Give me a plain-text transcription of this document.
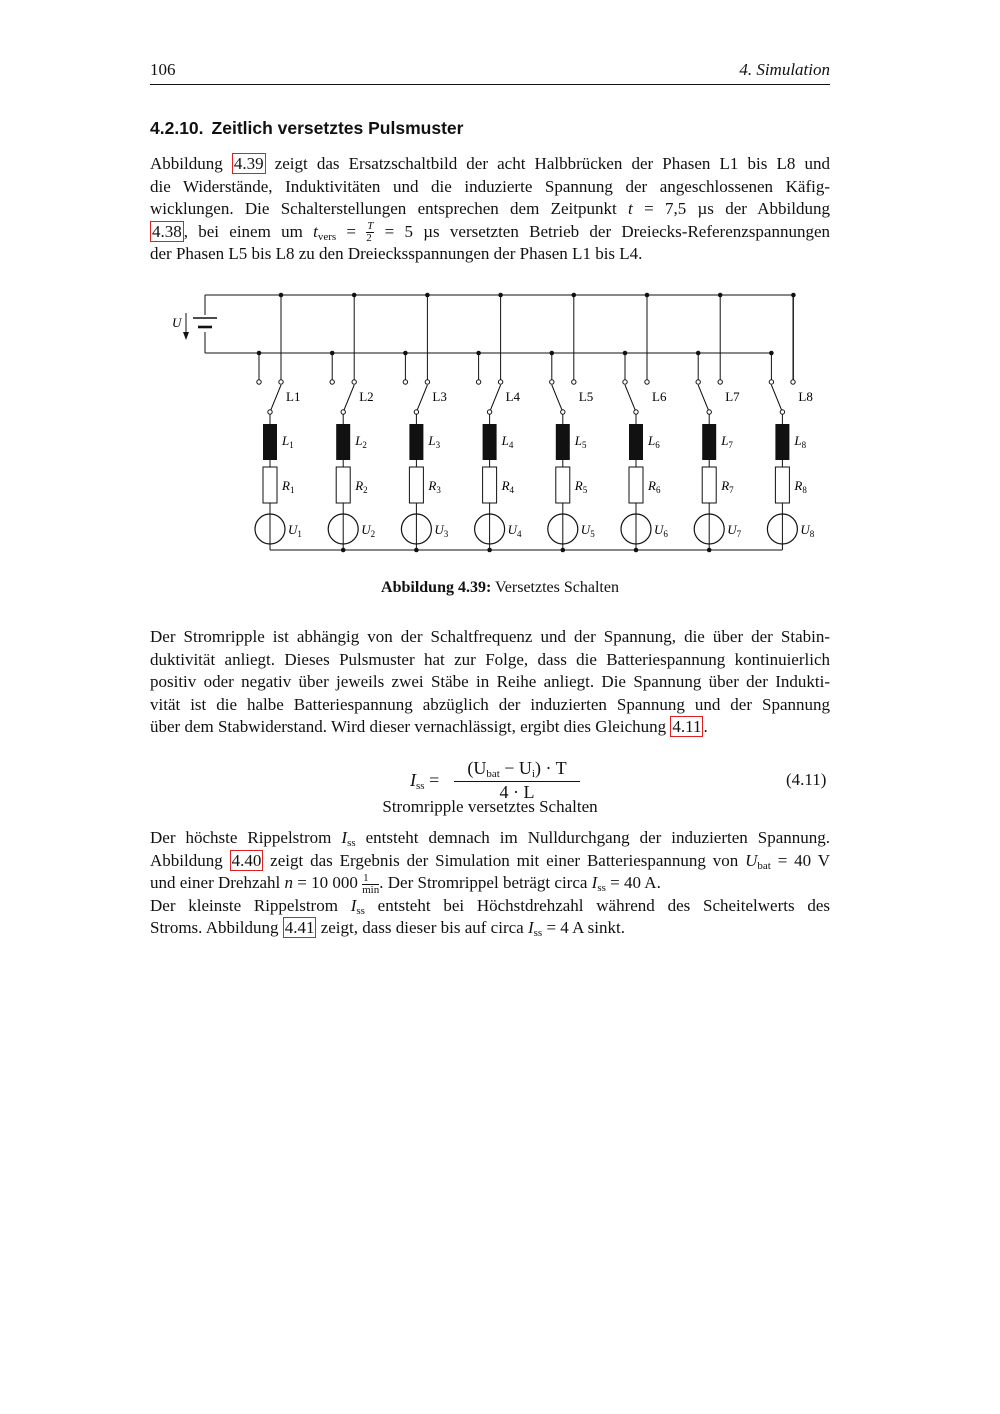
106	4. Simulation
4.2.10. Zeitlich versetztes Pulsmuster
Abbildung 4.39 zeigt das Ersatzschaltbild der acht Halbbrücken der Phasen L1 bis L8 und
die Widerstände, Induktivitäten und die induzierte Spannung der angeschlossenen Käfig-
wicklungen. Die Schalterstellungen entsprechen dem Zeitpunkt t = 7,5 µs der Abbildung
4.38 , bei einem um $t_{vers} = \frac{T}{2} = 5$ µs versetzten Betrieb der Dreiecks-Referenzspannungen
der Phasen L5 bis L8 zu den Dreiecksspannungen der Phasen L1 bis L4.
U
L1
$L_1$
$R_1$
$U_1$
L2
$L_2$
$R_2$
$U_2$
L3
$L_3$
$R_3$
$U_3$
L4
$L_4$
$R_4$
$U_4$
L5
$L_5$
$R_5$
$U_5$
L6
$L_6$
$R_6$
$U_6$
L7
$L_7$
$R_7$
$U_7$
L8
$L_8$
$R_8$
$U_8$
Abbildung 4.39: Versetztes Schalten
Der Stromripple ist abhängig von der Schaltfrequenz und der Spannung, die über der Stabin-
duktivität anliegt. Dieses Pulsmuster hat zur Folge, dass die Batteriespannung kontinuierlich
positiv oder negativ über jeweils zwei Stäbe in Reihe anliegt. Die Spannung über der Indukti-
vität ist die halbe Batteriespannung abzüglich der induzierten Spannung und der Spannung
über dem Stabwiderstand. Wird dieser vernachlässigt, ergibt dies Gleichung 4.11 .
$I_{ss}$ =
$(U_{bat} - U_i) \cdot T$
4 · L
(4.11)
Stromripple versetztes Schalten
Der höchste Rippelstrom $I_{ss}$ entsteht demnach im Nulldurchgang der induzierten Spannung.
Abbildung 4.40 zeigt das Ergebnis der Simulation mit einer Batteriespannung von $U_{bat} = 40$ V
und einer Drehzahl n = 10 $000 \frac{1}{\min}$ . Der Stromrippel beträgt circa $I_{ss} = 40$ A.
Der kleinste Rippelstrom $I_{ss}$ entsteht bei Höchstdrehzahl während des Scheitelwerts des
Stroms. Abbildung 4.41 zeigt, dass dieser bis auf circa $I_{ss} = 4$ A sinkt.
